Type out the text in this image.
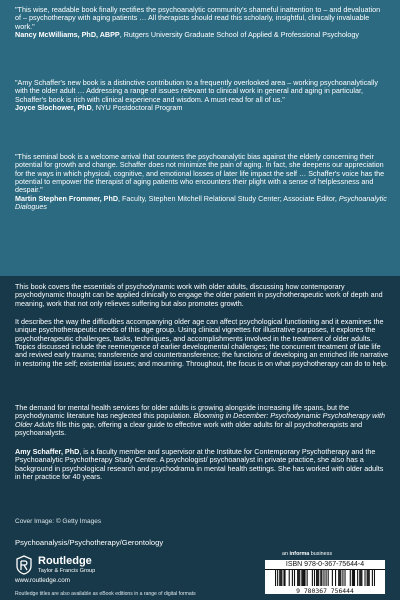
"This wise, readable book finally rectifies the psychoanalytic community's shameful inattention to – and devaluation of – psychotherapy with aging patients … All therapists should read this scholarly, insightful, clinically invaluable work."
Nancy McWilliams, PhD, ABPP, Rutgers University Graduate School of Applied & Professional Psychology
"Amy Schaffer's new book is a distinctive contribution to a frequently overlooked area – working psychoanalytically with the older adult … Addressing a range of issues relevant to clinical work in general and aging in particular, Schaffer's book is rich with clinical experience and wisdom. A must-read for all of us."
Joyce Slochower, PhD, NYU Postdoctoral Program
"This seminal book is a welcome arrival that counters the psychoanalytic bias against the elderly concerning their potential for growth and change. Schaffer does not minimize the pain of aging. In fact, she deepens our appreciation for the ways in which physical, cognitive, and emotional losses of later life impact the self … Schaffer's voice has the potential to empower the therapist of aging patients who encounters their plight with a sense of helplessness and despair."
Martin Stephen Frommer, PhD, Faculty, Stephen Mitchell Relational Study Center; Associate Editor, Psychoanalytic Dialogues

This book covers the essentials of psychodynamic work with older adults, discussing how contemporary psychodynamic thought can be applied clinically to engage the older patient in psychotherapeutic work of depth and meaning, work that not only relieves suffering but also promotes growth.

It describes the way the difficulties accompanying older age can affect psychological functioning and it examines the unique psychotherapeutic needs of this age group. Using clinical vignettes for illustrative purposes, it explores the psychotherapeutic challenges, tasks, techniques, and accomplishments involved in the treatment of older adults. Topics discussed include the reemergence of earlier developmental challenges; the concurrent treatment of late life and revived early trauma; transference and countertransference; the functions of developing an enriched life narrative in restoring the self; existential issues; and mourning. Throughout, the focus is on what psychotherapy can do to help.

The demand for mental health services for older adults is growing alongside increasing life spans, but the psychodynamic literature has neglected this population. Blooming in December: Psychodynamic Psychotherapy with Older Adults fills this gap, offering a clear guide to effective work with older adults for all psychotherapists and psychoanalysts.

Amy Schaffer, PhD, is a faculty member and supervisor at the Institute for Contemporary Psychotherapy and the Psychoanalytic Psychotherapy Study Center. A psychologist/ psychoanalyst in private practice, she also has a background in psychological research and psychodrama in mental health settings. She has worked with older adults in her practice for 40 years.

Cover Image: © Getty Images

Psychoanalysis/Psychotherapy/Gerontology

Routledge
Taylor & Francis Group
www.routledge.com

Routledge titles are also available as eBook editions in a range of digital formats

an informa business
ISBN 978-0-367-75644-4
9 780367 756444
